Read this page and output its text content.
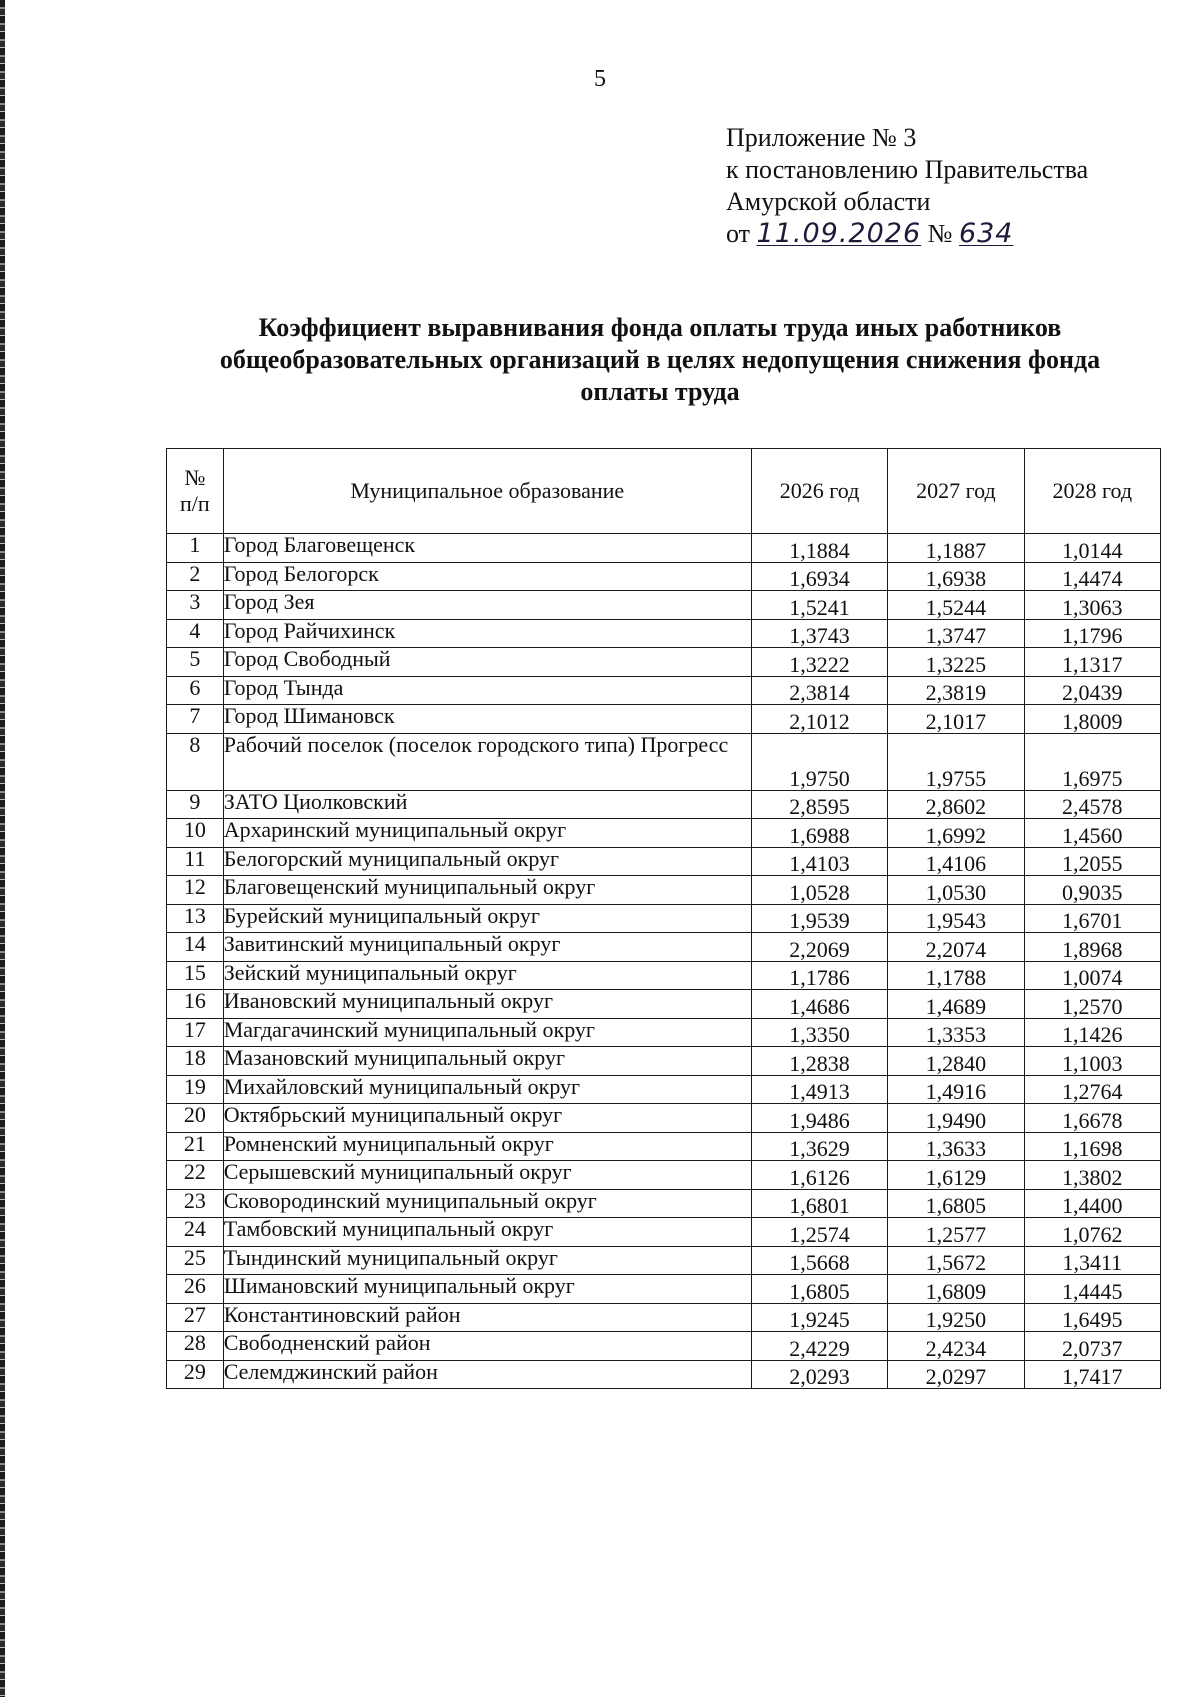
5
Приложение № 3
к постановлению Правительства
Амурской области
от 11.09.2026 № 634
Коэффициент выравнивания фонда оплаты труда иных работников
общеобразовательных организаций в целях недопущения снижения фонда
оплаты труда
№
п/п	Муниципальное образование	2026 год	2027 год	2028 год
1	Город Благовещенск	1,1884	1,1887	1,0144
2	Город Белогорск	1,6934	1,6938	1,4474
3	Город Зея	1,5241	1,5244	1,3063
4	Город Райчихинск	1,3743	1,3747	1,1796
5	Город Свободный	1,3222	1,3225	1,1317
6	Город Тында	2,3814	2,3819	2,0439
7	Город Шимановск	2,1012	2,1017	1,8009
8	Рабочий поселок (поселок городского типа) Прогресс	1,9750	1,9755	1,6975
9	ЗАТО Циолковский	2,8595	2,8602	2,4578
10	Архаринский муниципальный округ	1,6988	1,6992	1,4560
11	Белогорский муниципальный округ	1,4103	1,4106	1,2055
12	Благовещенский муниципальный округ	1,0528	1,0530	0,9035
13	Бурейский муниципальный округ	1,9539	1,9543	1,6701
14	Завитинский муниципальный округ	2,2069	2,2074	1,8968
15	Зейский муниципальный округ	1,1786	1,1788	1,0074
16	Ивановский муниципальный округ	1,4686	1,4689	1,2570
17	Магдагачинский муниципальный округ	1,3350	1,3353	1,1426
18	Мазановский муниципальный округ	1,2838	1,2840	1,1003
19	Михайловский муниципальный округ	1,4913	1,4916	1,2764
20	Октябрьский муниципальный округ	1,9486	1,9490	1,6678
21	Ромненский муниципальный округ	1,3629	1,3633	1,1698
22	Серышевский муниципальный округ	1,6126	1,6129	1,3802
23	Сковородинский муниципальный округ	1,6801	1,6805	1,4400
24	Тамбовский муниципальный округ	1,2574	1,2577	1,0762
25	Тындинский муниципальный округ	1,5668	1,5672	1,3411
26	Шимановский муниципальный округ	1,6805	1,6809	1,4445
27	Константиновский район	1,9245	1,9250	1,6495
28	Свободненский район	2,4229	2,4234	2,0737
29	Селемджинский район	2,0293	2,0297	1,7417
